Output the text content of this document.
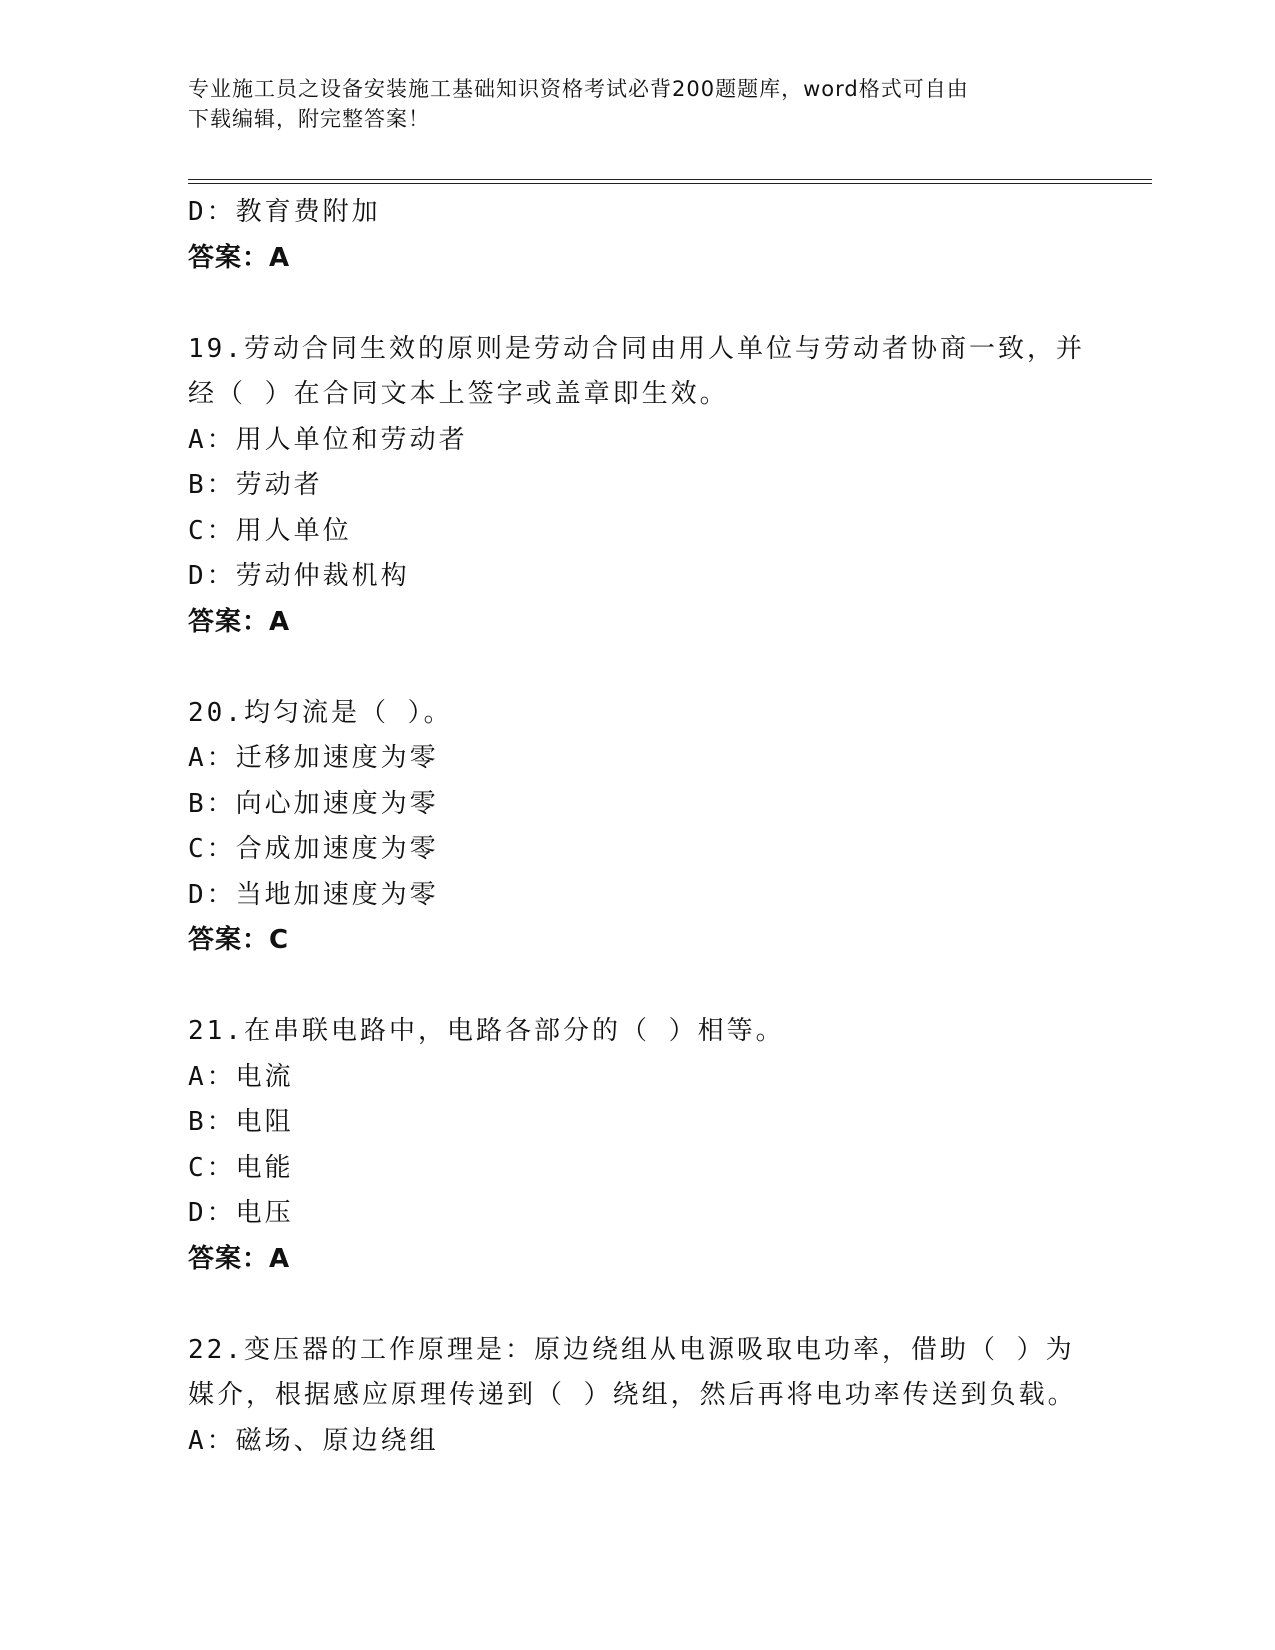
专业施工员之设备安装施工基础知识资格考试必背200题题库，word格式可自由
下载编辑，附完整答案！
D：教育费附加
答案：A
19.劳动合同生效的原则是劳动合同由用人单位与劳动者协商一致，并
经（ ）在合同文本上签字或盖章即生效。
A：用人单位和劳动者
B：劳动者
C：用人单位
D：劳动仲裁机构
答案：A
20.均匀流是（ ）。
A：迁移加速度为零
B：向心加速度为零
C：合成加速度为零
D：当地加速度为零
答案：C
21.在串联电路中，电路各部分的（ ）相等。
A：电流
B：电阻
C：电能
D：电压
答案：A
22.变压器的工作原理是：原边绕组从电源吸取电功率，借助（ ）为
媒介，根据感应原理传递到（ ）绕组，然后再将电功率传送到负载。
A：磁场、原边绕组
